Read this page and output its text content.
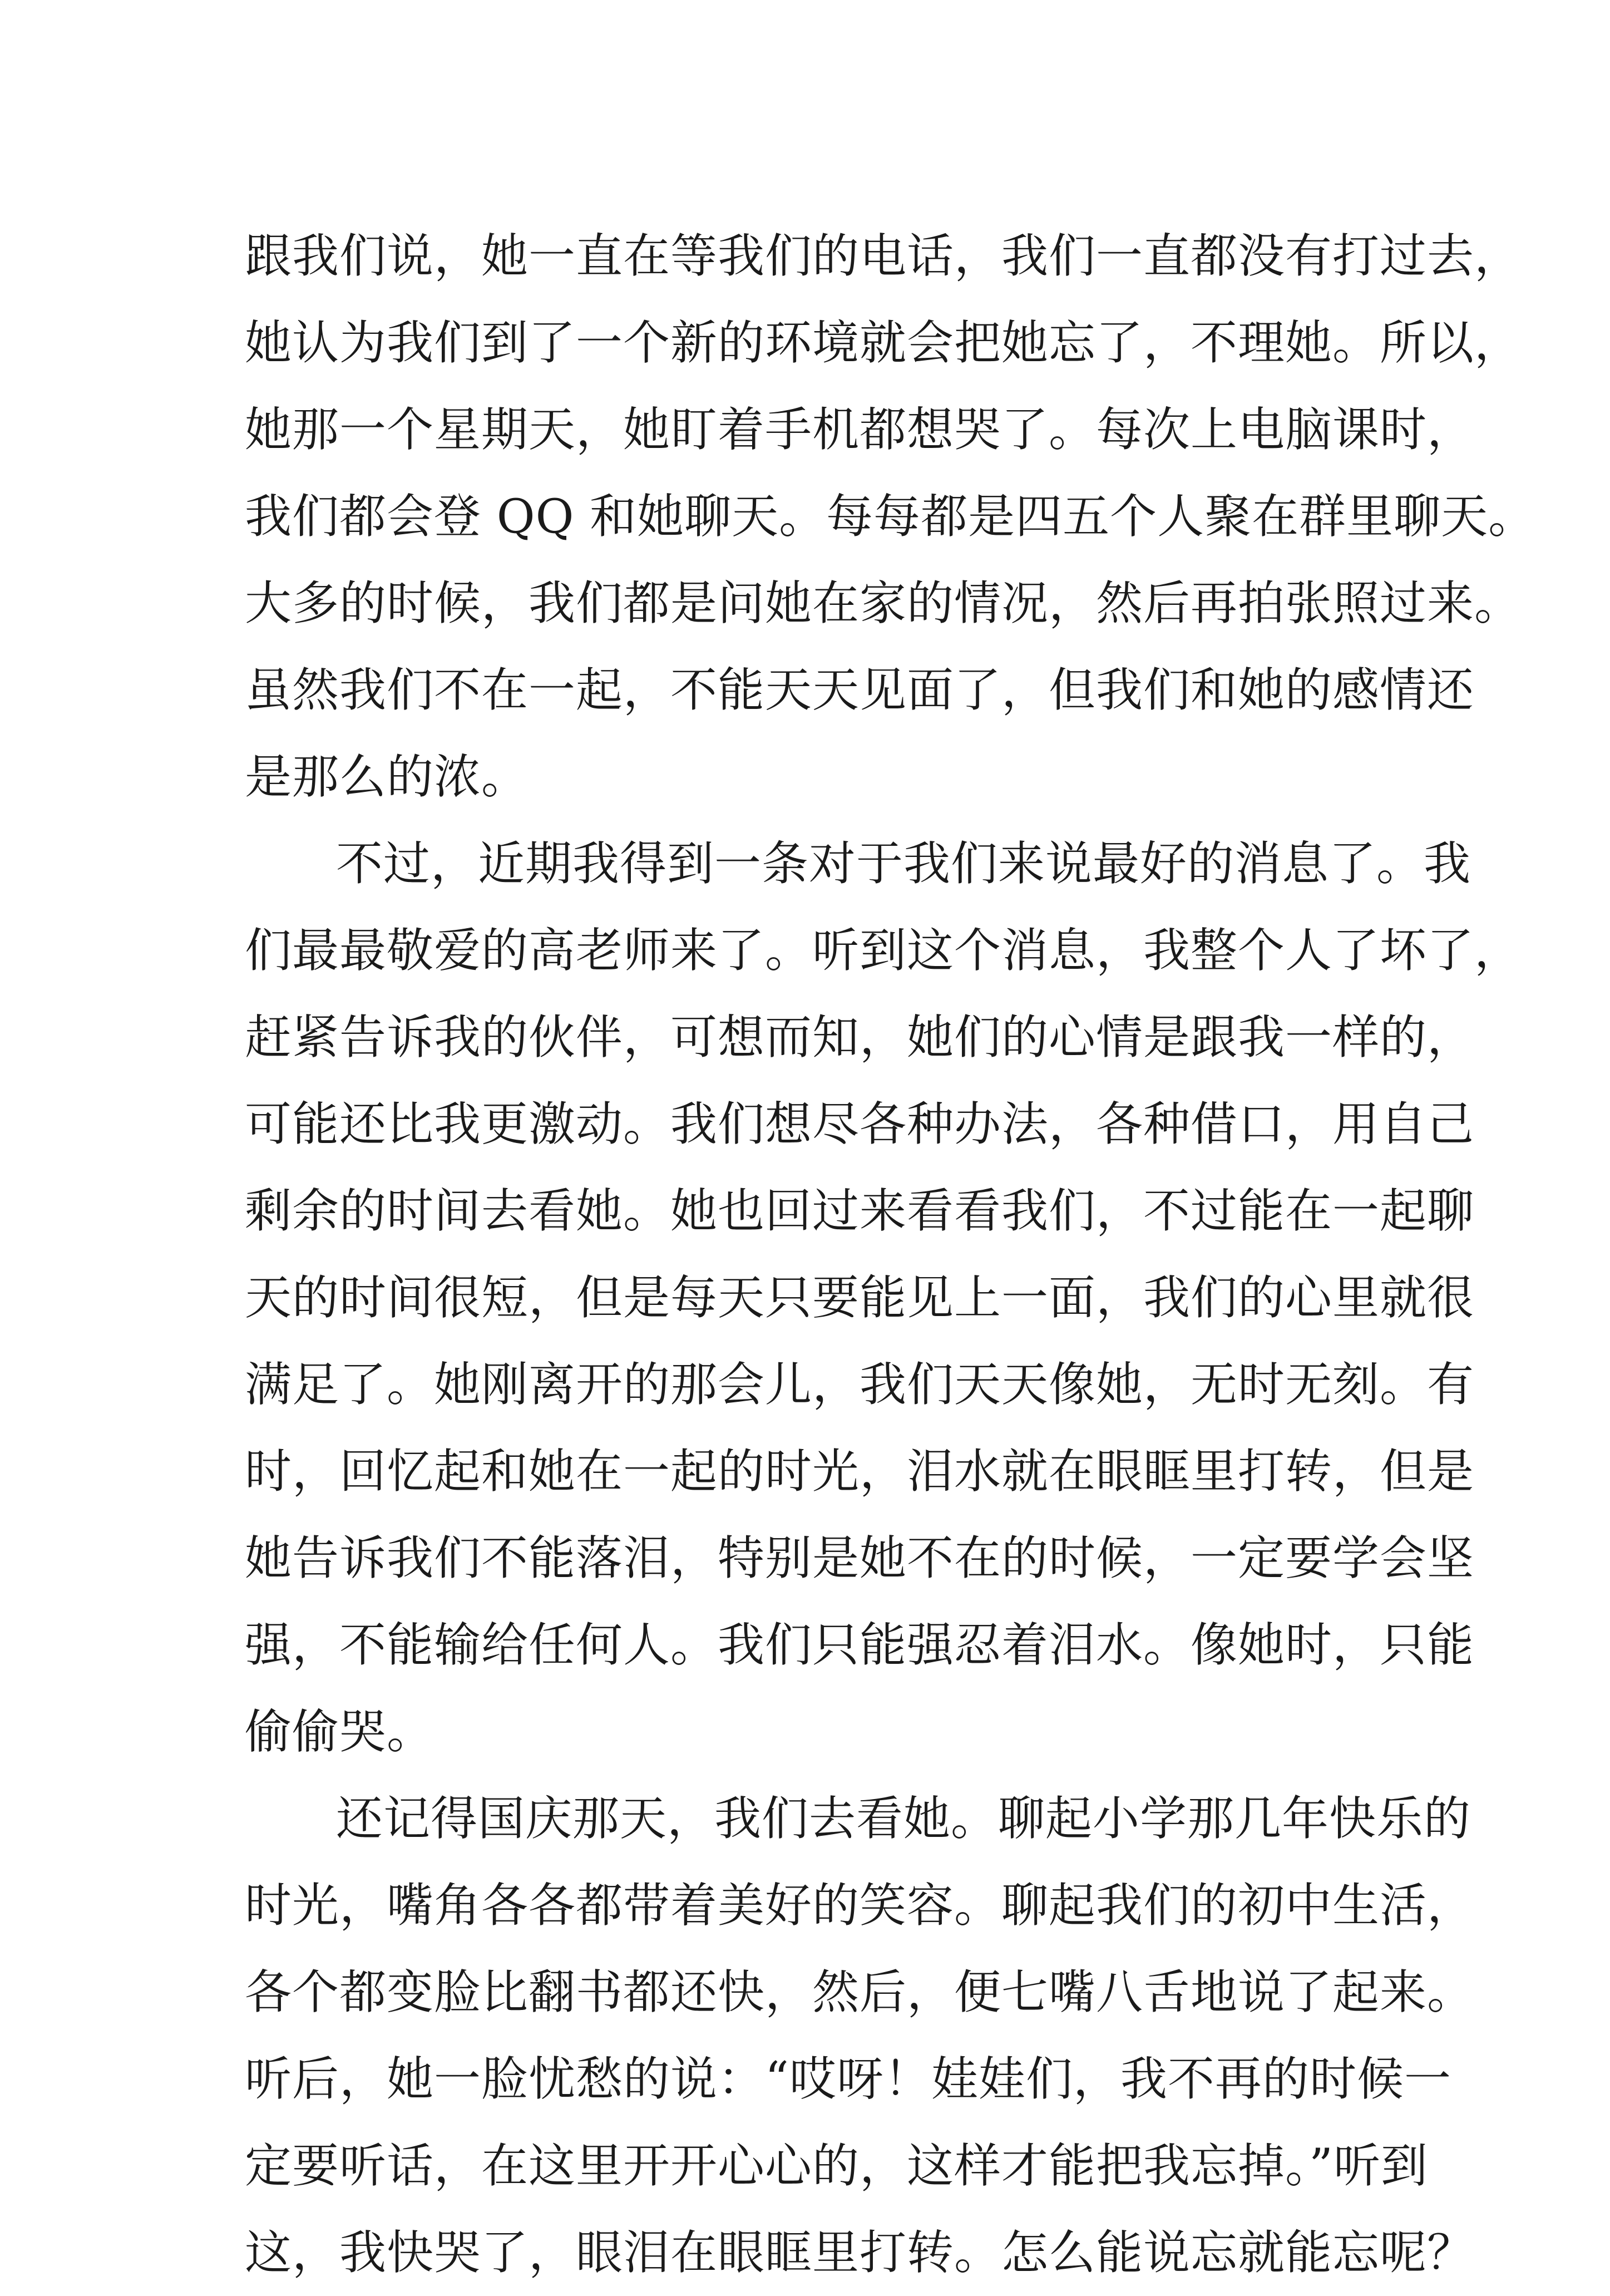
跟我们说，她一直在等我们的电话，我们一直都没有打过去，
她认为我们到了一个新的环境就会把她忘了，不理她。所以，
她那一个星期天，她盯着手机都想哭了。每次上电脑课时，
我们都会登 QQ 和她聊天。每每都是四五个人聚在群里聊天。
大多的时候，我们都是问她在家的情况，然后再拍张照过来。
虽然我们不在一起，不能天天见面了，但我们和她的感情还
是那么的浓。
不过，近期我得到一条对于我们来说最好的消息了。我
们最最敬爱的高老师来了。听到这个消息，我整个人了坏了，
赶紧告诉我的伙伴，可想而知，她们的心情是跟我一样的，
可能还比我更激动。我们想尽各种办法，各种借口，用自己
剩余的时间去看她。她也回过来看看我们，不过能在一起聊
天的时间很短，但是每天只要能见上一面，我们的心里就很
满足了。她刚离开的那会儿，我们天天像她，无时无刻。有
时，回忆起和她在一起的时光，泪水就在眼眶里打转，但是
她告诉我们不能落泪，特别是她不在的时候，一定要学会坚
强，不能输给任何人。我们只能强忍着泪水。像她时，只能
偷偷哭。
还记得国庆那天，我们去看她。聊起小学那几年快乐的
时光，嘴角各各都带着美好的笑容。聊起我们的初中生活，
各个都变脸比翻书都还快，然后，便七嘴八舌地说了起来。
听后，她一脸忧愁的说：“哎呀！娃娃们，我不再的时候一
定要听话，在这里开开心心的，这样才能把我忘掉。”听到
这，我快哭了，眼泪在眼眶里打转。怎么能说忘就能忘呢？
